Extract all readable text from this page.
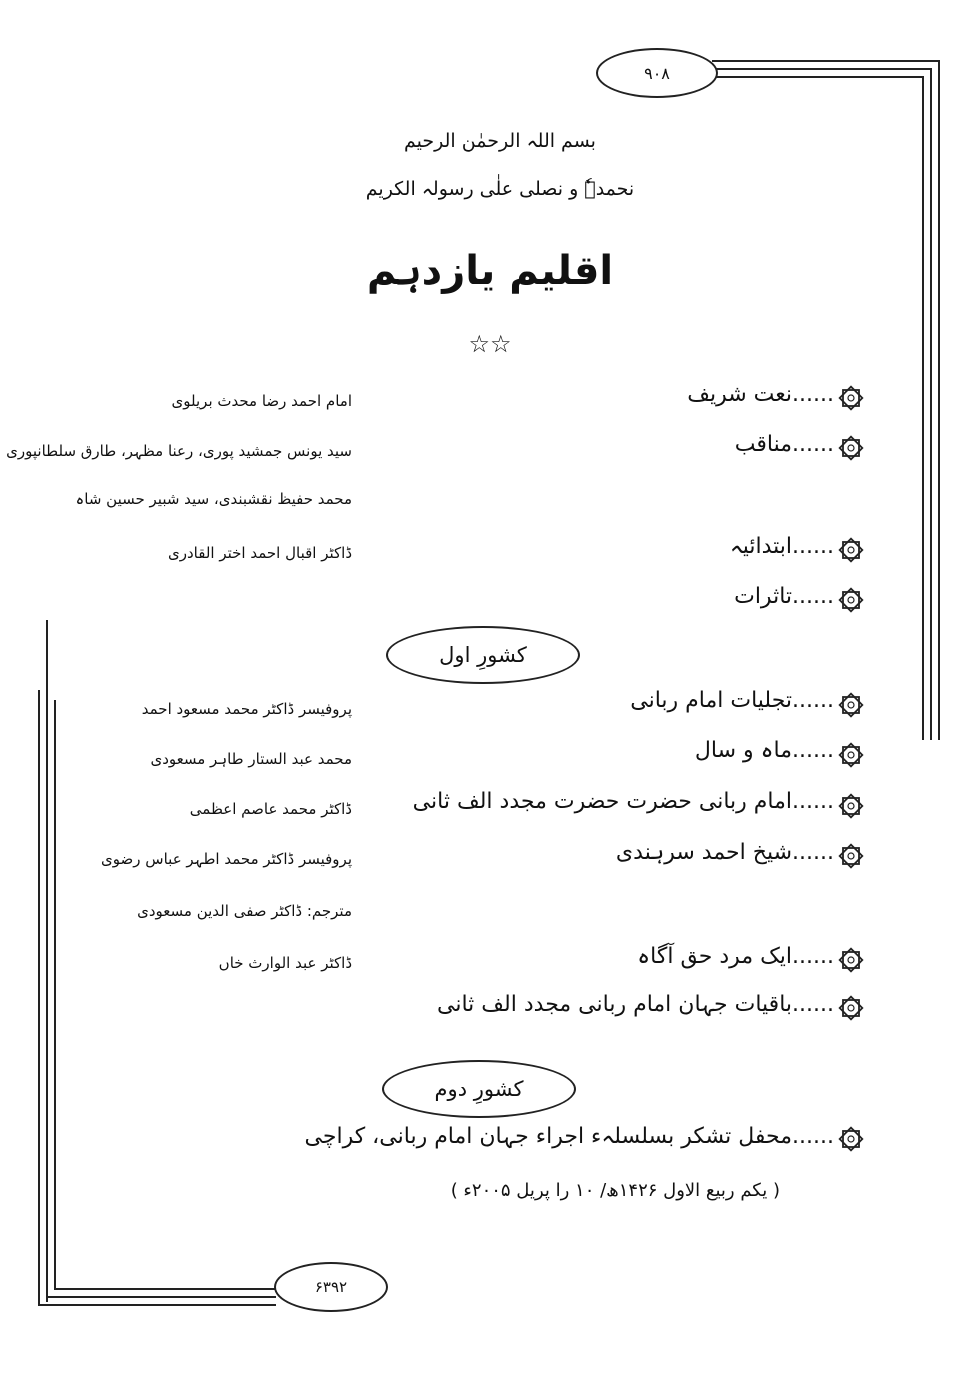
۹۰۸
بسم اللہ الرحمٰن الرحیم
نحمدہٗ و نصلی علٰی رسولہ الکریم
اقلیم یازدہم
☆☆
......نعت شریف
امام احمد رضا محدث بریلوی
......مناقب
سید یونس جمشید پوری، رعنا مظہر، طارق سلطانپوری
محمد حفیظ نقشبندی، سید شبیر حسین شاہ
......ابتدائیہ
ڈاکٹر اقبال احمد اختر القادری
......تاثرات
کشورِ اول
......تجلیات امام ربانی
پروفیسر ڈاکٹر محمد مسعود احمد
......ماہ و سال
محمد عبد الستار طاہر مسعودی
......امام ربانی حضرت حضرت مجدد الف ثانی
ڈاکٹر محمد عاصم اعظمی
......شیخ احمد سرہندی
پروفیسر ڈاکٹر محمد اطہر عباس رضوی
مترجم: ڈاکٹر صفی الدین مسعودی
......ایک مرد حق آگاہ
ڈاکٹر عبد الوارث خاں
......باقیات جہان امام ربانی مجدد الف ثانی
کشورِ دوم
......محفل تشکر بسلسلہء اجراء جہان امام ربانی، کراچی
( یکم ربیع الاول ۱۴۲۶ھ/ ۱۰ را پریل ۲۰۰۵ء )
۶۳۹۲
